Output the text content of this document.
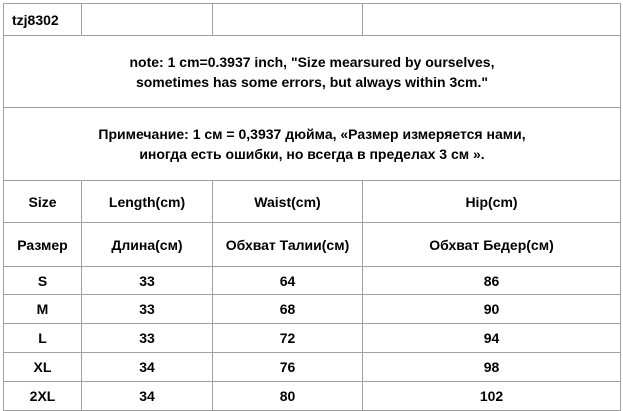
tzj8302			

note: 1 cm=0.3937 inch, "Size mearsured by ourselves,
sometimes has some errors, but always within 3cm."			

Примечание: 1 см = 0,3937 дюйма, «Размер измеряется нами,
иногда есть ошибки, но всегда в пределах 3 см ».			

Size	Length(cm)	Waist(cm)	Hip(cm)
Размер	Длина(см)	Обхват Талии(см)	Обхват Бедер(см)
S	33	64	86
M	33	68	90
L	33	72	94
XL	34	76	98
2XL	34	80	102
